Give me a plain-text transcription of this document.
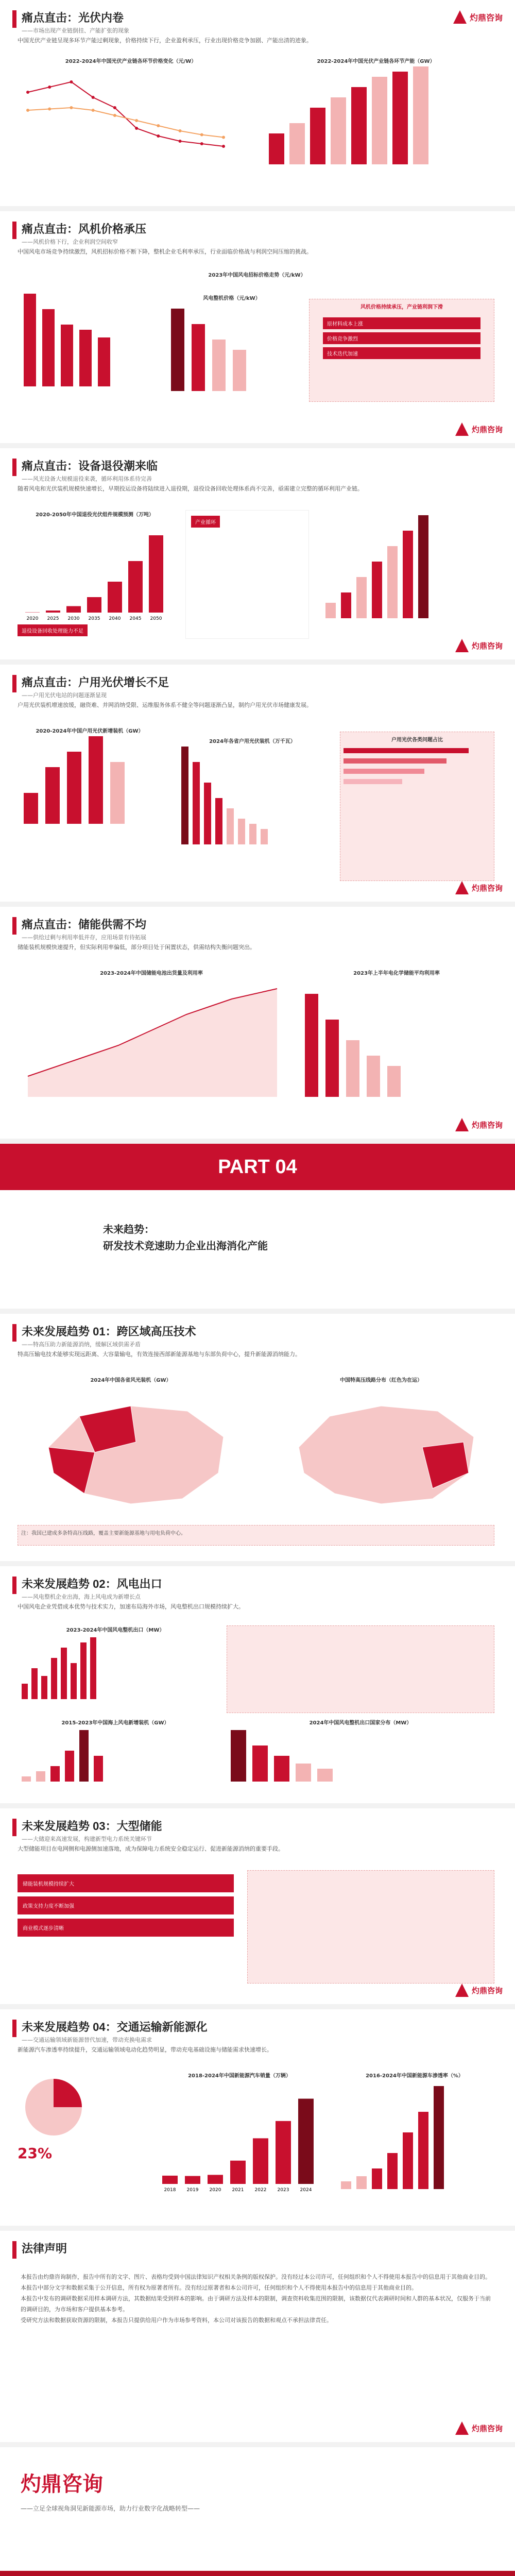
痛点直击：光伏内卷
——市场出现产业链倒挂、产能扩张的现象
灼鼎咨询

中国光伏产业链呈现多环节产能过剩现象，价格持续下行，企业盈利承压，行业出现价格竞争加剧、产能出清的迹象。

2022-2024年中国光伏产业链各环节价格变化（元/W）	2022-2024年中国光伏产业链各环节产能（GW）
痛点直击：风机价格承压
——风机价格下行，企业利润空间收窄

中国风电市场竞争持续激烈，风机招标价格不断下降，整机企业毛利率承压，行业面临价格战与利润空间压缩的挑战。

2023年中国风电招标价格走势（元/kW）
风电整机价格（元/kW）
风机价格持续承压，产业链利润下滑
原材料成本上涨
价格竞争激烈
技术迭代加速
灼鼎咨询
痛点直击：设备退役潮来临
——风光设备大规模退役来袭，循环利用体系待完善

随着风电和光伏装机规模快速增长，早期投运设备将陆续进入退役期，退役设备回收处理体系尚不完善，亟需建立完整的循环利用产业链。

2020-2050年中国退役光伏组件规模预测（万吨）
2020 2025 2030 2035 2040 2045 2050
退役设备回收处理能力不足
产业循环
灼鼎咨询
痛点直击：户用光伏增长不足
——户用光伏电站的问题逐渐显现

户用光伏装机增速放缓，融资难、并网消纳受限、运维服务体系不健全等问题逐渐凸显，制约户用光伏市场健康发展。

2020-2024年中国户用光伏新增装机（GW）
2024年各省户用光伏装机（万千瓦）	户用光伏各类问题占比
灼鼎咨询
痛点直击：储能供需不均
——供给过剩与利用率低并存，应用场景有待拓展

储能装机规模快速提升，但实际利用率偏低，部分项目处于闲置状态，供需结构失衡问题突出。

2023-2024年中国储能电池出货量及利用率	2023年上半年电化学储能平均利用率
灼鼎咨询
PART 04
未来趋势：
研发技术竞速助力企业出海消化产能
未来发展趋势 01：跨区域高压技术
——特高压助力新能源消纳，缓解区域供需矛盾

特高压输电技术能够实现远距离、大容量输电，有效连接西部新能源基地与东部负荷中心，提升新能源消纳能力。

2024年中国各省风光装机（GW）	中国特高压线路分布（红色为在运）
注：我国已建成多条特高压线路，覆盖主要新能源基地与用电负荷中心。
未来发展趋势 02：风电出口
——风电整机企业出海，海上风电成为新增长点

中国风电企业凭借成本优势与技术实力，加速布局海外市场，风电整机出口规模持续扩大。

2023-2024年中国风电整机出口（MW）
2015-2023年中国海上风电新增装机（GW）	2024年中国风电整机出口国家分布（MW）
未来发展趋势 03：大型储能
——大储迎来高速发展，构建新型电力系统关键环节

大型储能项目在电网侧和电源侧加速落地，成为保障电力系统安全稳定运行、促进新能源消纳的重要手段。

储能装机规模持续扩大
政策支持力度不断加强
商业模式逐步清晰
灼鼎咨询
未来发展趋势 04：交通运输新能源化
——交通运输领域新能源替代加速，带动充换电需求

新能源汽车渗透率持续提升，交通运输领域电动化趋势明显，带动充电基础设施与储能需求快速增长。

23%
2018-2024年中国新能源汽车销量（万辆）
2018 2019 2020 2021 2022 2023 2024
2016-2024年中国新能源车渗透率（%）
法律声明

本报告由灼鼎咨询制作，报告中所有的文字、图片、表格均受到中国法律知识产权相关条例的版权保护。没有经过本公司许可，任何组织和个人不得使用本报告中的信息用于其他商业目的。

本报告中部分文字和数据采集于公开信息，所有权为原著者所有。没有经过原著者和本公司许可，任何组织和个人不得使用本报告中的信息用于其他商业目的。

本报告中发布的调研数据采用样本调研方法，其数据结果受到样本的影响。由于调研方法及样本的限制，调查资料收集范围的限制，该数据仅代表调研时间和人群的基本状况，仅服务于当前的调研目的，为市场和客户提供基本参考。

受研究方法和数据获取资源的限制，本报告只提供给用户作为市场参考资料，本公司对该报告的数据和观点不承担法律责任。

灼鼎咨询
灼鼎咨询
——立足全球视角洞见新能源市场，助力行业数字化战略转型——
